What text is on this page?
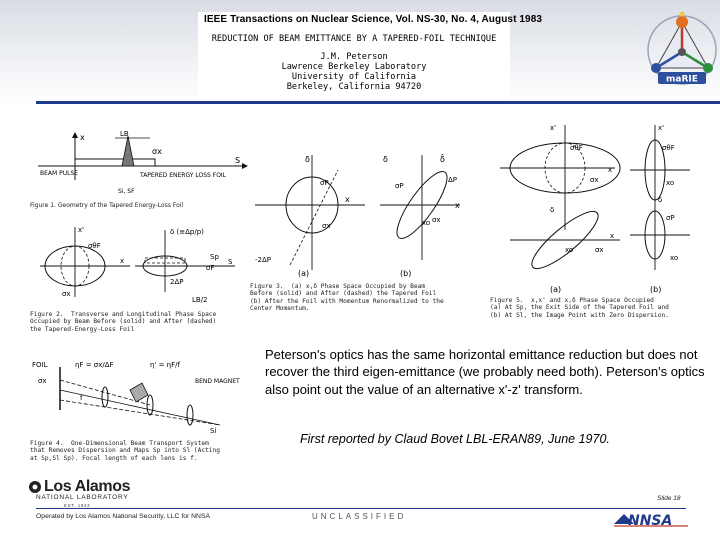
IEEE Transactions on Nuclear Science, Vol. NS-30, No. 4, August 1983
REDUCTION OF BEAM EMITTANCE BY A TAPERED-FOIL TECHNIQUE
J.M. Peterson
Lawrence Berkeley Laboratory
University of California
Berkeley, California 94720
maRIE
x
S
LB
σx
BEAM PULSE	TAPERED ENERGY LOSS FOIL
Si, SF
Figure 1. Geometry of the Tapered Energy-Loss Foil
x'
x
σθF
σx
δ (≡Δp/p)
Sp
S
σF
2ΔP
LB/2
Figure 2.  Transverse and Longitudinal Phase Space
Occupied by Beam Before (solid) and After (dashed)
the Tapered-Energy-Loss Foil
δ
x
σP
σx
-2ΔP
(a)
δ	δ̂
σP
ΔP
σx
xo
x
(b)
Figure 3.  (a) x,δ Phase Space Occupied by Beam
Before (solid) and After (dashed) the Tapered Foil
(b) After the Foil with Momentum Renormalized to the
Center Momentum.
x'
σθF
σx
x
δ
xo	σx
x
(a)
x'
σθF
xo
δ
σP
xo
(b)
Figure 5.  x,x' and x,δ Phase Space Occupied
(a) At Sp, the Exit Side of the Tapered Foil and
(b) At Sl, the Image Point with Zero Dispersion.
FOIL
σx
ηF = σx/ΔF	η' = ηF/f
BEND MAGNET
f
Si
Figure 4.  One-Dimensional Beam Transport System
that Removes Dispersion and Maps Sp into Sl (Acting
at Sp,Sl Sp). Focal length of each lens is f.
Peterson's optics has the same horizontal emittance reduction but does not recover the third eigen-emittance (we probably need both). Peterson's optics also point out the value of an alternative x'-z' transform.
First reported by Claud Bovet LBL-ERAN89, June 1970.
Los Alamos
NATIONAL LABORATORY
EST. 1943
Slide 18
Operated by Los Alamos National Security, LLC for NNSA	UNCLASSIFIED	NNSA
